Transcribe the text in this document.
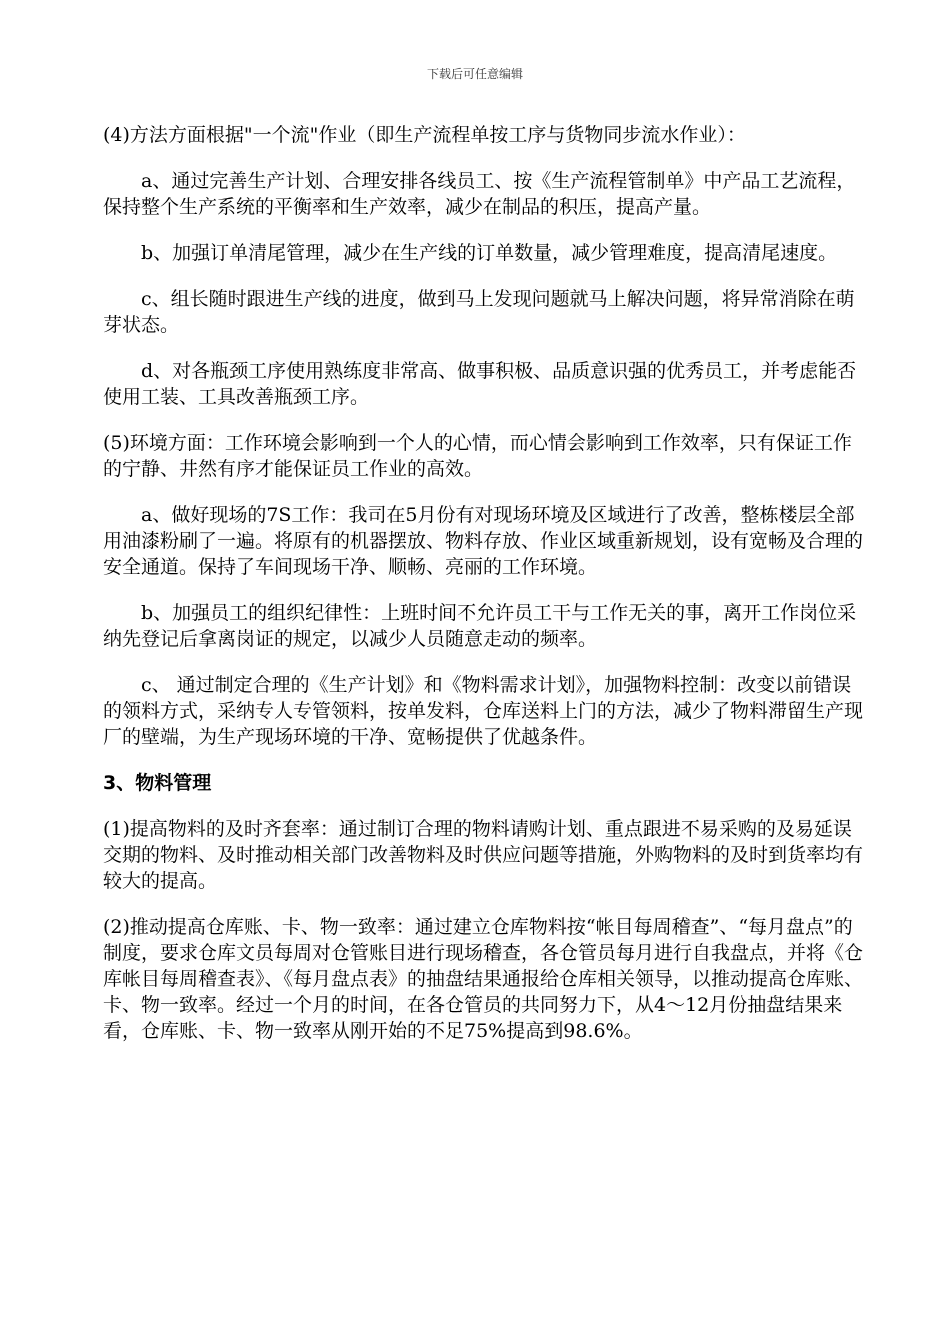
下载后可任意编辑

(4)方法方面根据"一个流"作业（即生产流程单按工序与货物同步流水作业）：

a、通过完善生产计划、合理安排各线员工、按《生产流程管制单》中产品工艺流程，保持整个生产系统的平衡率和生产效率，减少在制品的积压，提高产量。

b、加强订单清尾管理，减少在生产线的订单数量，减少管理难度，提高清尾速度。

c、组长随时跟进生产线的进度，做到马上发现问题就马上解决问题，将异常消除在萌芽状态。

d、对各瓶颈工序使用熟练度非常高、做事积极、品质意识强的优秀员工，并考虑能否使用工装、工具改善瓶颈工序。

(5)环境方面：工作环境会影响到一个人的心情，而心情会影响到工作效率，只有保证工作的宁静、井然有序才能保证员工作业的高效。

a、做好现场的7S工作：我司在5月份有对现场环境及区域进行了改善，整栋楼层全部用油漆粉刷了一遍。将原有的机器摆放、物料存放、作业区域重新规划，设有宽畅及合理的安全通道。保持了车间现场干净、顺畅、亮丽的工作环境。

b、加强员工的组织纪律性：上班时间不允许员工干与工作无关的事，离开工作岗位采纳先登记后拿离岗证的规定，以减少人员随意走动的频率。

c、 通过制定合理的《生产计划》和《物料需求计划》，加强物料控制：改变以前错误的领料方式，采纳专人专管领料，按单发料，仓库送料上门的方法，减少了物料滞留生产现厂的壁端，为生产现场环境的干净、宽畅提供了优越条件。

3、物料管理

(1)提高物料的及时齐套率：通过制订合理的物料请购计划、重点跟进不易采购的及易延误交期的物料、及时推动相关部门改善物料及时供应问题等措施，外购物料的及时到货率均有较大的提高。

(2)推动提高仓库账、卡、物一致率：通过建立仓库物料按“帐目每周稽查”、“每月盘点”的制度，要求仓库文员每周对仓管账目进行现场稽查，各仓管员每月进行自我盘点，并将《仓库帐目每周稽查表》、《每月盘点表》的抽盘结果通报给仓库相关领导，以推动提高仓库账、卡、物一致率。经过一个月的时间，在各仓管员的共同努力下，从4～12月份抽盘结果来看，仓库账、卡、物一致率从刚开始的不足75%提高到98.6%。
